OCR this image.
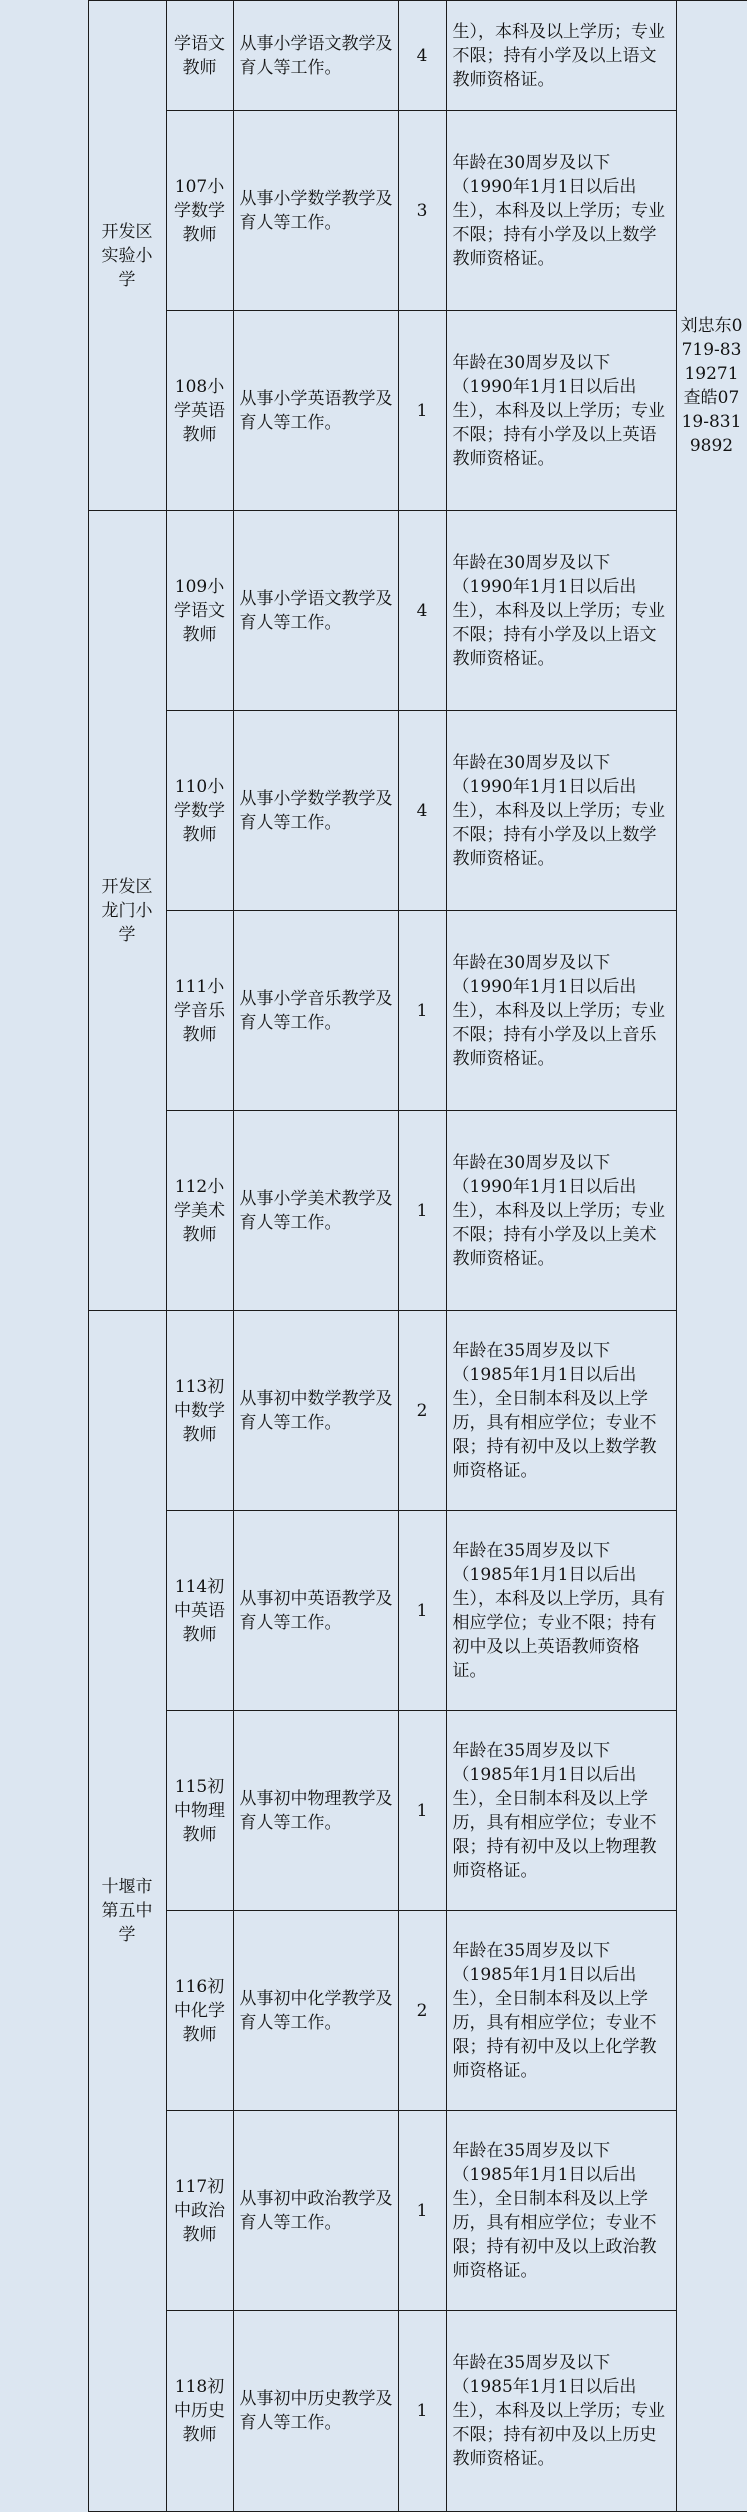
	开发区实验小学	学语文教师	从事小学语文教学及育人等工作。	4	生），本科及以上学历；专业不限；持有小学及以上语文教师资格证。	刘忠东0719-8319271查皓0719-8319892

		107小学数学教师	从事小学数学教学及育人等工作。	3	年龄在30周岁及以下（1990年1月1日以后出生），本科及以上学历；专业不限；持有小学及以上数学教师资格证。	
		108小学英语教师	从事小学英语教学及育人等工作。	1	年龄在30周岁及以下（1990年1月1日以后出生），本科及以上学历；专业不限；持有小学及以上英语教师资格证。	
	开发区龙门小学	109小学语文教师	从事小学语文教学及育人等工作。	4	年龄在30周岁及以下（1990年1月1日以后出生），本科及以上学历；专业不限；持有小学及以上语文教师资格证。	
		110小学数学教师	从事小学数学教学及育人等工作。	4	年龄在30周岁及以下（1990年1月1日以后出生），本科及以上学历；专业不限；持有小学及以上数学教师资格证。	
		111小学音乐教师	从事小学音乐教学及育人等工作。	1	年龄在30周岁及以下（1990年1月1日以后出生），本科及以上学历；专业不限；持有小学及以上音乐教师资格证。	
		112小学美术教师	从事小学美术教学及育人等工作。	1	年龄在30周岁及以下（1990年1月1日以后出生），本科及以上学历；专业不限；持有小学及以上美术教师资格证。	
	十堰市第五中学	113初中数学教师	从事初中数学教学及育人等工作。	2	年龄在35周岁及以下（1985年1月1日以后出生），全日制本科及以上学历，具有相应学位；专业不限；持有初中及以上数学教师资格证。	
		114初中英语教师	从事初中英语教学及育人等工作。	1	年龄在35周岁及以下（1985年1月1日以后出生），本科及以上学历，具有相应学位；专业不限；持有初中及以上英语教师资格证。	
		115初中物理教师	从事初中物理教学及育人等工作。	1	年龄在35周岁及以下（1985年1月1日以后出生），全日制本科及以上学历，具有相应学位；专业不限；持有初中及以上物理教师资格证。	
		116初中化学教师	从事初中化学教学及育人等工作。	2	年龄在35周岁及以下（1985年1月1日以后出生），全日制本科及以上学历，具有相应学位；专业不限；持有初中及以上化学教师资格证。	
		117初中政治教师	从事初中政治教学及育人等工作。	1	年龄在35周岁及以下（1985年1月1日以后出生），全日制本科及以上学历，具有相应学位；专业不限；持有初中及以上政治教师资格证。	
		118初中历史教师	从事初中历史教学及育人等工作。	1	年龄在35周岁及以下（1985年1月1日以后出生），本科及以上学历；专业不限；持有初中及以上历史教师资格证。	
